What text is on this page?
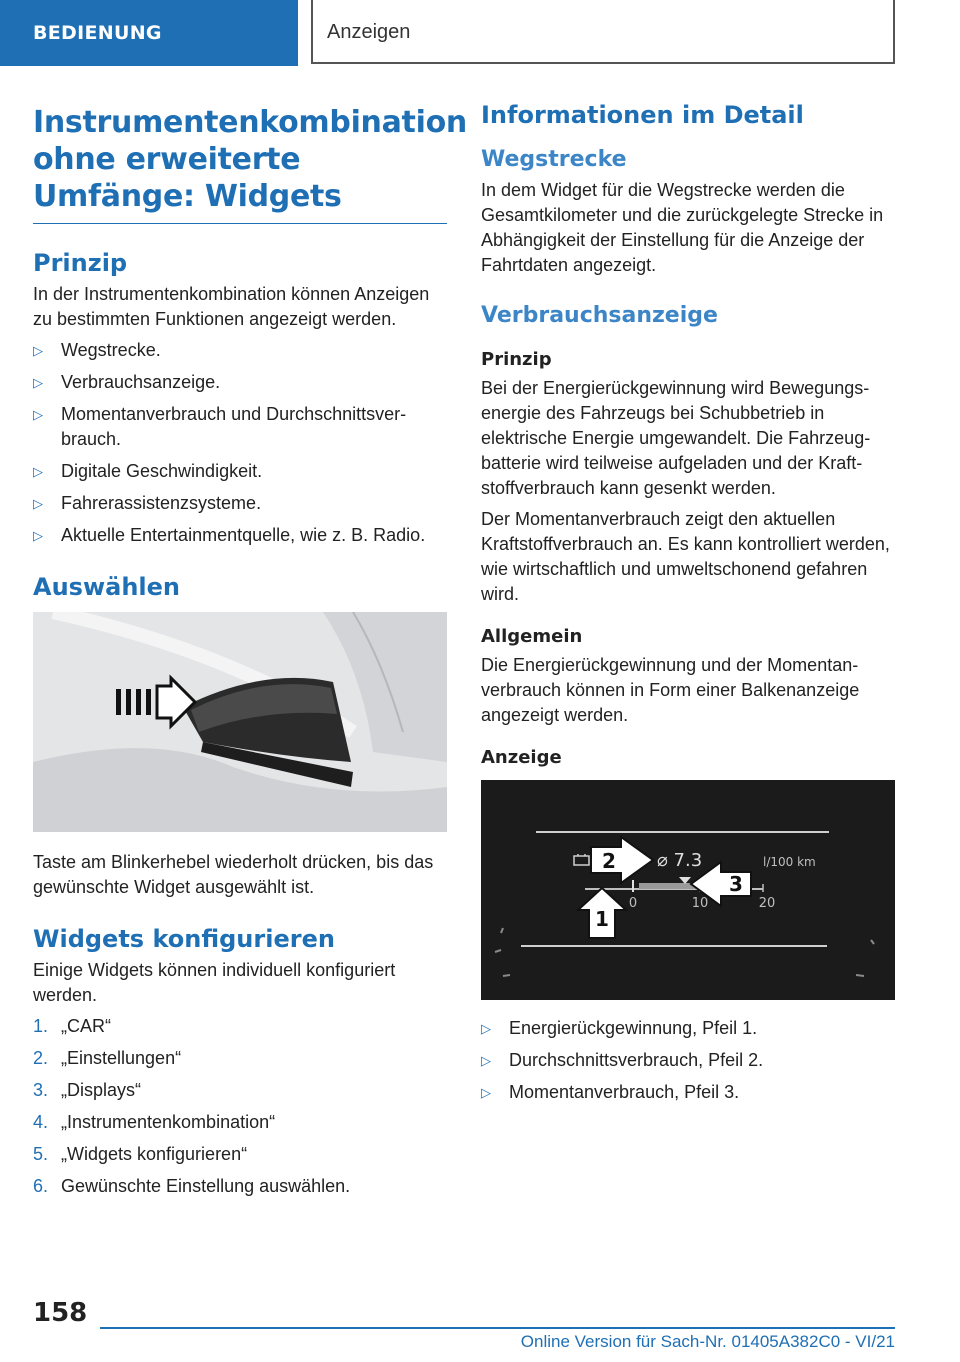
BEDIENUNG	Anzeigen
Instrumentenkombination ohne erweiterte Umfänge: Widgets
Prinzip

In der Instrumentenkombination können Anzeigen zu bestimmten Funktionen angezeigt werden.

▷ Wegstrecke.
▷ Verbrauchsanzeige.
▷ Momentanverbrauch und Durchschnittsverbrauch.
▷ Digitale Geschwindigkeit.
▷ Fahrerassistenzsysteme.
▷ Aktuelle Entertainmentquelle, wie z. B. Radio.
Auswählen

Taste am Blinkerhebel wiederholt drücken, bis das gewünschte Widget ausgewählt ist.

Widgets konfigurieren

Einige Widgets können individuell konfiguriert werden.

1. „CAR“
2. „Einstellungen“
3. „Displays“
4. „Instrumentenkombination“
5. „Widgets konfigurieren“
6. Gewünschte Einstellung auswählen.
Informationen im Detail
Wegstrecke

In dem Widget für die Wegstrecke werden die Gesamtkilometer und die zurückgelegte Strecke in Abhängigkeit der Einstellung für die Anzeige der Fahrtdaten angezeigt.

Verbrauchsanzeige
Prinzip

Bei der Energierückgewinnung wird Bewegungsenergie des Fahrzeugs bei Schubbetrieb in elektrische Energie umgewandelt. Die Fahrzeugbatterie wird teilweise aufgeladen und der Kraftstoffverbrauch kann gesenkt werden.

Der Momentanverbrauch zeigt den aktuellen Kraftstoffverbrauch an. Es kann kontrolliert werden, wie wirtschaftlich und umweltschonend gefahren wird.

Allgemein

Die Energierückgewinnung und der Momentanverbrauch können in Form einer Balkenanzeige angezeigt werden.

Anzeige
0	10	20
⌀ 7.3	l/100 km
1
2
3
▷ Energierückgewinnung, Pfeil 1.
▷ Durchschnittsverbrauch, Pfeil 2.
▷ Momentanverbrauch, Pfeil 3.
158
Online Version für Sach-Nr. 01405A382C0 - VI/21
